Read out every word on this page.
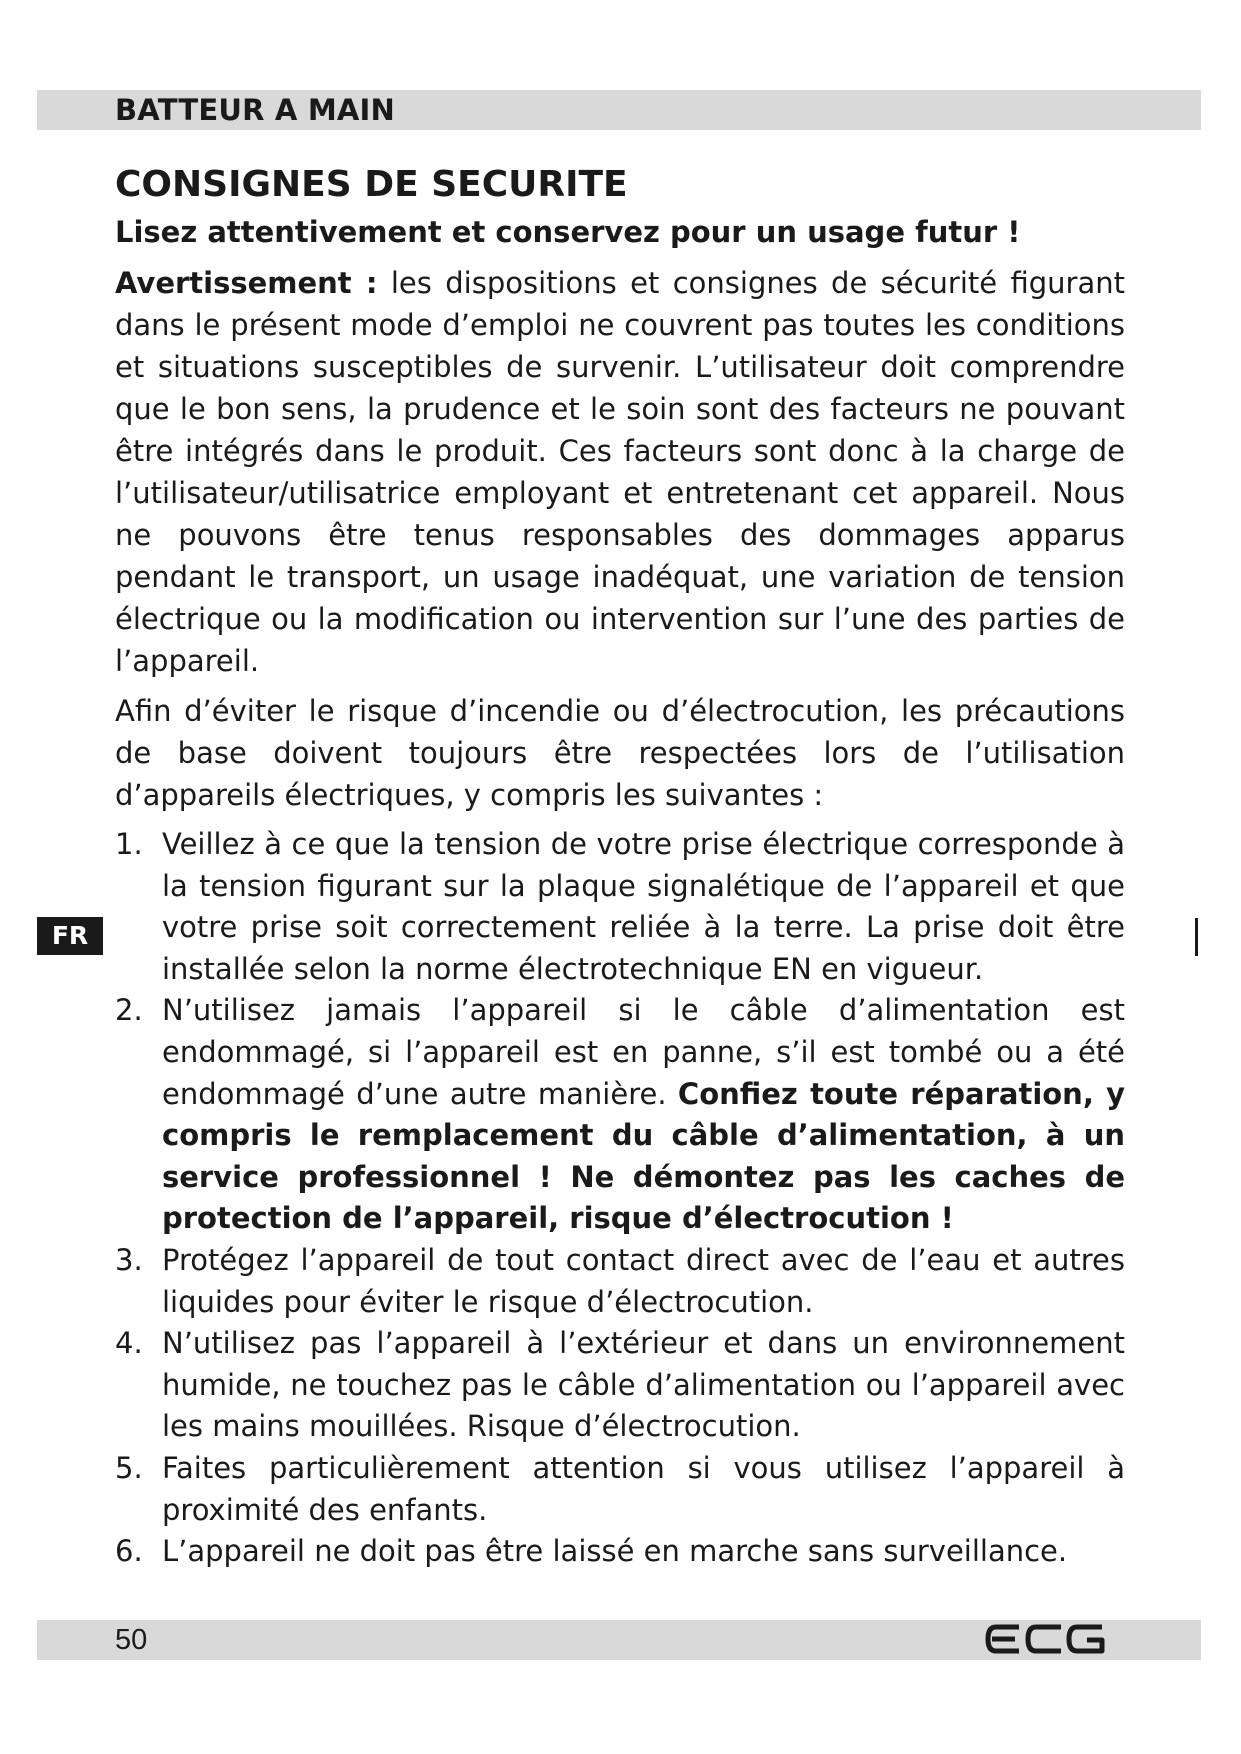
BATTEUR A MAIN
CONSIGNES DE SECURITE

Lisez attentivement et conservez pour un usage futur !

Avertissement : les dispositions et consignes de sécurité figurant dans le présent mode d’emploi ne couvrent pas toutes les conditions et situations susceptibles de survenir. L’utilisateur doit comprendre que le bon sens, la prudence et le soin sont des facteurs ne pouvant être intégrés dans le produit. Ces facteurs sont donc à la charge de l’utilisateur/utilisatrice employant et entretenant cet appareil. Nous ne pouvons être tenus responsables des dommages apparus pendant le transport, un usage inadéquat, une variation de tension électrique ou la modification ou intervention sur l’une des parties de l’appareil.

Afin d’éviter le risque d’incendie ou d’électrocution, les précautions de base doivent toujours être respectées lors de l’utilisation d’appareils électriques, y compris les suivantes :

1. Veillez à ce que la tension de votre prise électrique corresponde à la tension figurant sur la plaque signalétique de l’appareil et que votre prise soit correctement reliée à la terre. La prise doit être installée selon la norme électrotechnique EN en vigueur.
2. N’utilisez jamais l’appareil si le câble d’alimentation est endommagé, si l’appareil est en panne, s’il est tombé ou a été endommagé d’une autre manière. Confiez toute réparation, y compris le remplacement du câble d’alimentation, à un service professionnel ! Ne démontez pas les caches de protection de l’appareil, risque d’électrocution !
3. Protégez l’appareil de tout contact direct avec de l’eau et autres liquides pour éviter le risque d’électrocution.
4. N’utilisez pas l’appareil à l’extérieur et dans un environnement humide, ne touchez pas le câble d’alimentation ou l’appareil avec les mains mouillées. Risque d’électrocution.
5. Faites particulièrement attention si vous utilisez l’appareil à proximité des enfants.
6. L’appareil ne doit pas être laissé en marche sans surveillance.
FR
50
